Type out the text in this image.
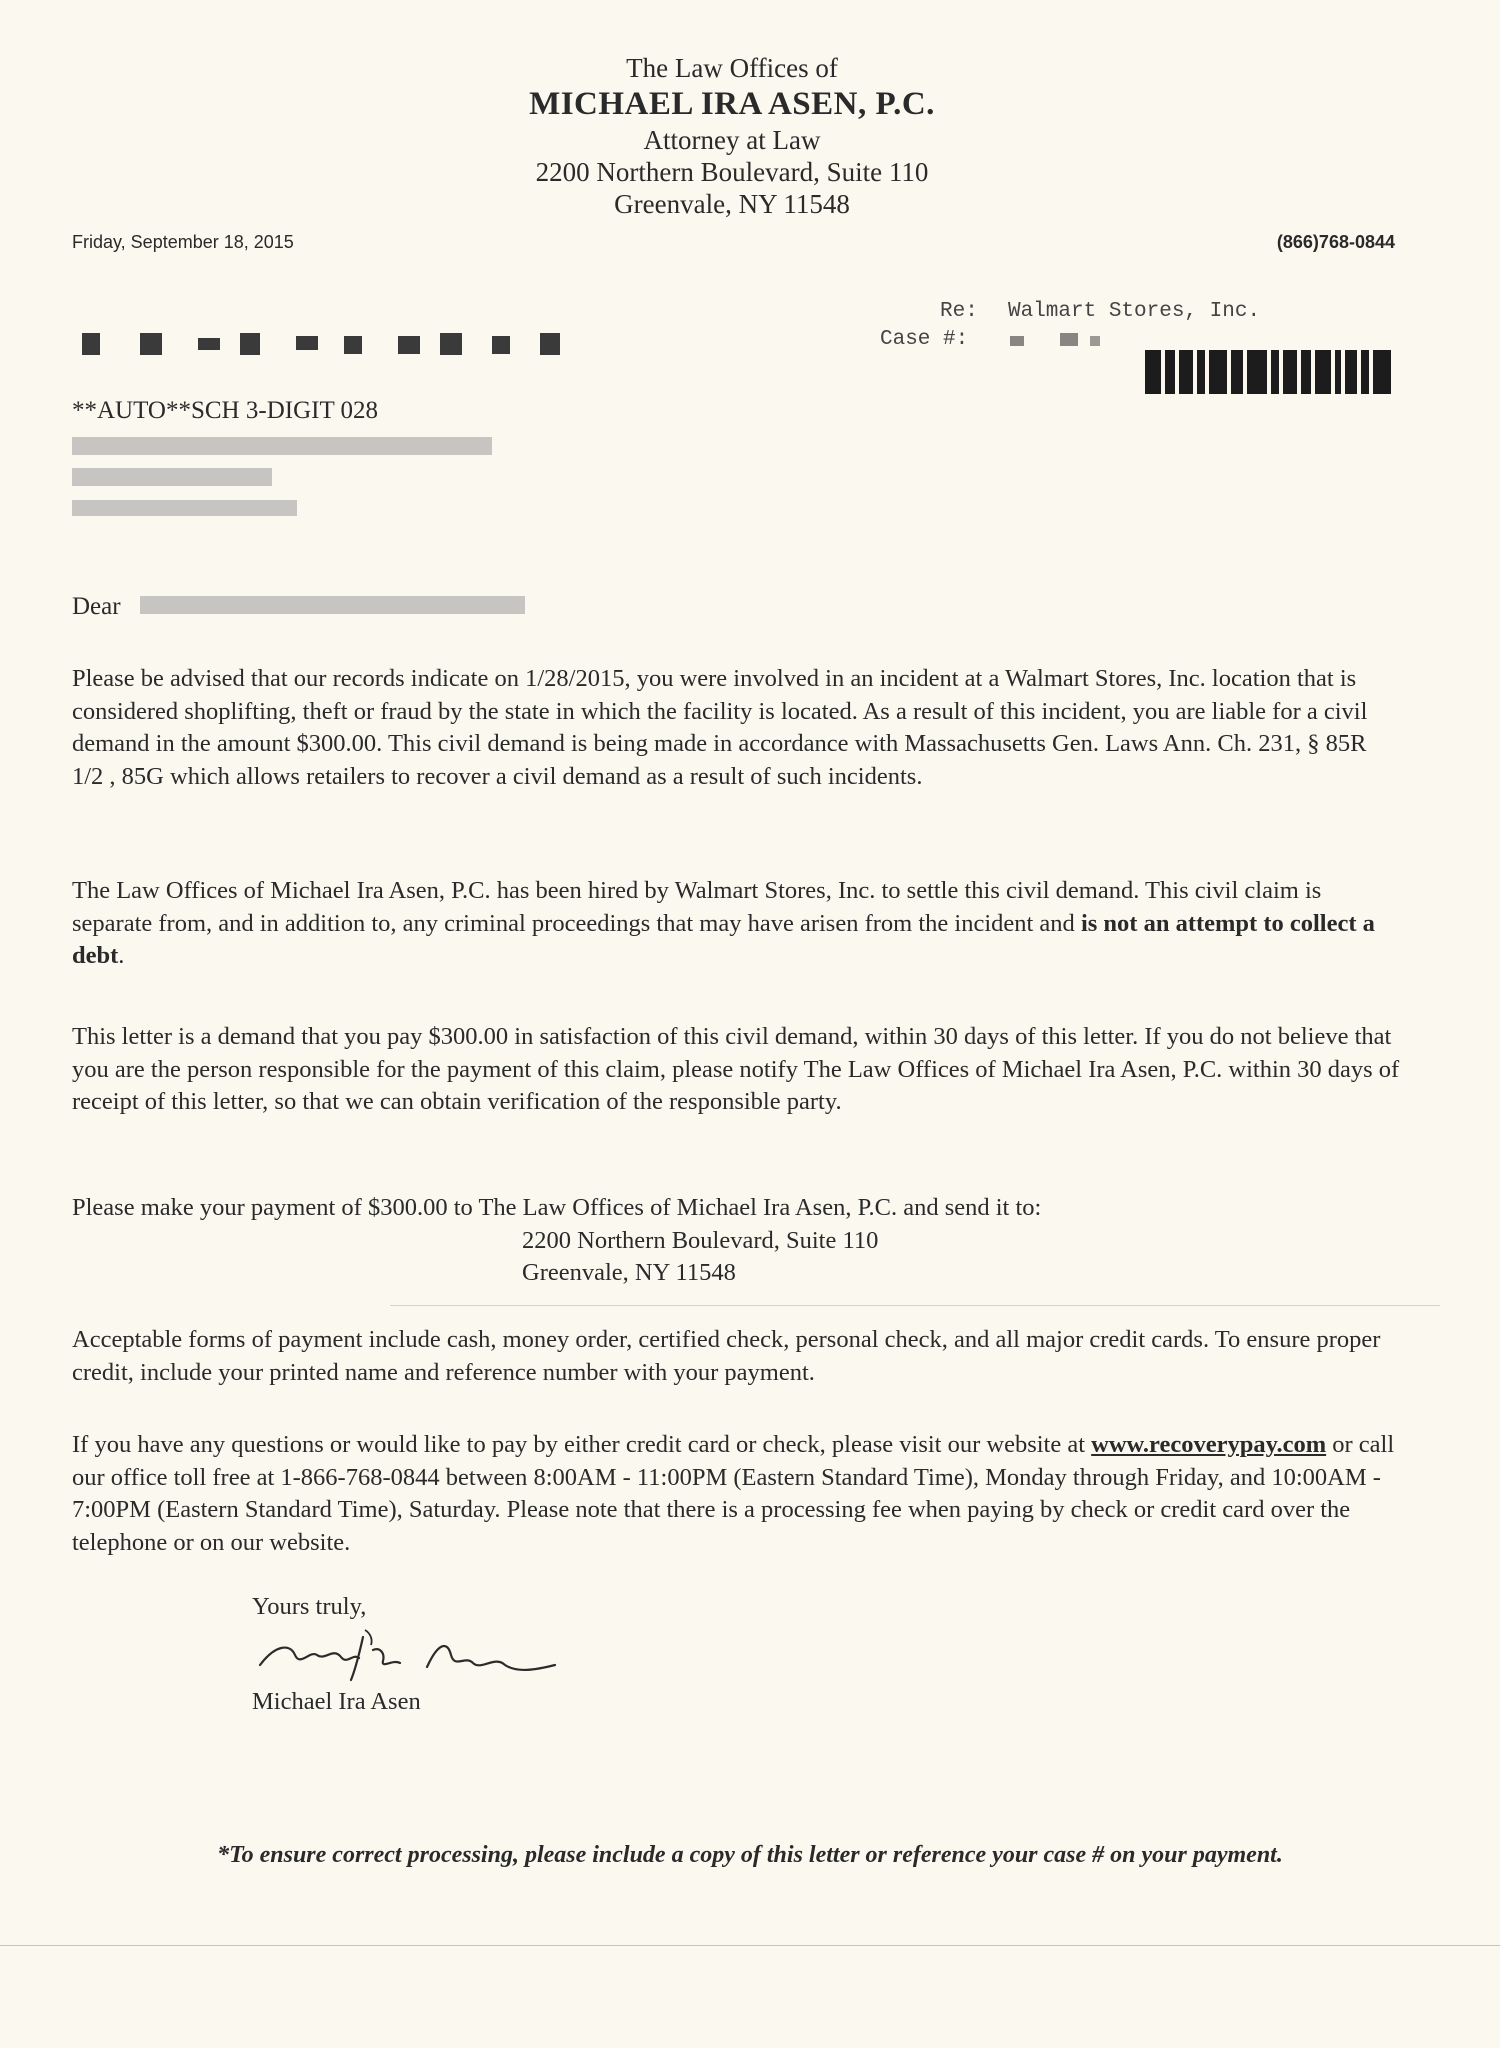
The Law Offices of
MICHAEL IRA ASEN, P.C.
Attorney at Law
2200 Northern Boulevard, Suite 110
Greenvale, NY 11548
Friday, September 18, 2015	(866)768-0844
Re: Walmart Stores, Inc.
Case #:
**AUTO**SCH 3-DIGIT 028
Dear

Please be advised that our records indicate on 1/28/2015, you were involved in an incident at a Walmart Stores, Inc. location that is considered shoplifting, theft or fraud by the state in which the facility is located. As a result of this incident, you are liable for a civil demand in the amount $300.00. This civil demand is being made in accordance with Massachusetts Gen. Laws Ann. Ch. 231, § 85R 1/2 , 85G which allows retailers to recover a civil demand as a result of such incidents.

The Law Offices of Michael Ira Asen, P.C. has been hired by Walmart Stores, Inc. to settle this civil demand. This civil claim is separate from, and in addition to, any criminal proceedings that may have arisen from the incident and is not an attempt to collect a debt.

This letter is a demand that you pay $300.00 in satisfaction of this civil demand, within 30 days of this letter. If you do not believe that you are the person responsible for the payment of this claim, please notify The Law Offices of Michael Ira Asen, P.C. within 30 days of receipt of this letter, so that we can obtain verification of the responsible party.

Please make your payment of $300.00 to The Law Offices of Michael Ira Asen, P.C. and send it to:

2200 Northern Boulevard, Suite 110
Greenvale, NY 11548

Acceptable forms of payment include cash, money order, certified check, personal check, and all major credit cards. To ensure proper credit, include your printed name and reference number with your payment.

If you have any questions or would like to pay by either credit card or check, please visit our website at www.recoverypay.com or call our office toll free at 1-866-768-0844 between 8:00AM - 11:00PM (Eastern Standard Time), Monday through Friday, and 10:00AM - 7:00PM (Eastern Standard Time), Saturday. Please note that there is a processing fee when paying by check or credit card over the telephone or on our website.

Yours truly,
Michael Ira Asen
*To ensure correct processing, please include a copy of this letter or reference your case # on your payment.
